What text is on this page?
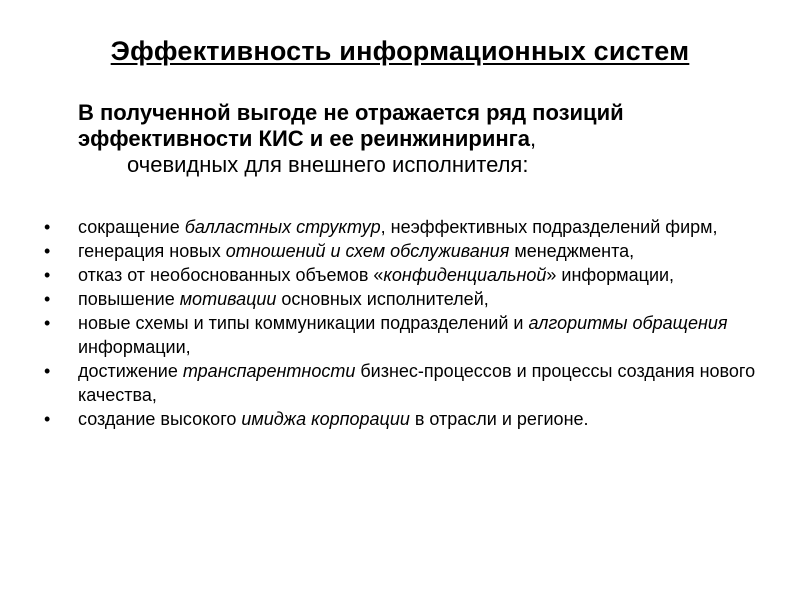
Эффективность информационных систем
В полученной выгоде не отражается ряд позиций эффективности КИС и ее реинжиниринга,
очевидных для внешнего исполнителя:
• сокращение балластных структур, неэффективных подразделений фирм,
• генерация новых отношений и схем обслуживания менеджмента,
• отказ от необоснованных объемов «конфиденциальной» информации,
• повышение мотивации основных исполнителей,
• новые схемы и типы коммуникации подразделений и алгоритмы обращения информации,
• достижение транспарентности бизнес-процессов и процессы создания нового качества,
• создание высокого имиджа корпорации в отрасли и регионе.
